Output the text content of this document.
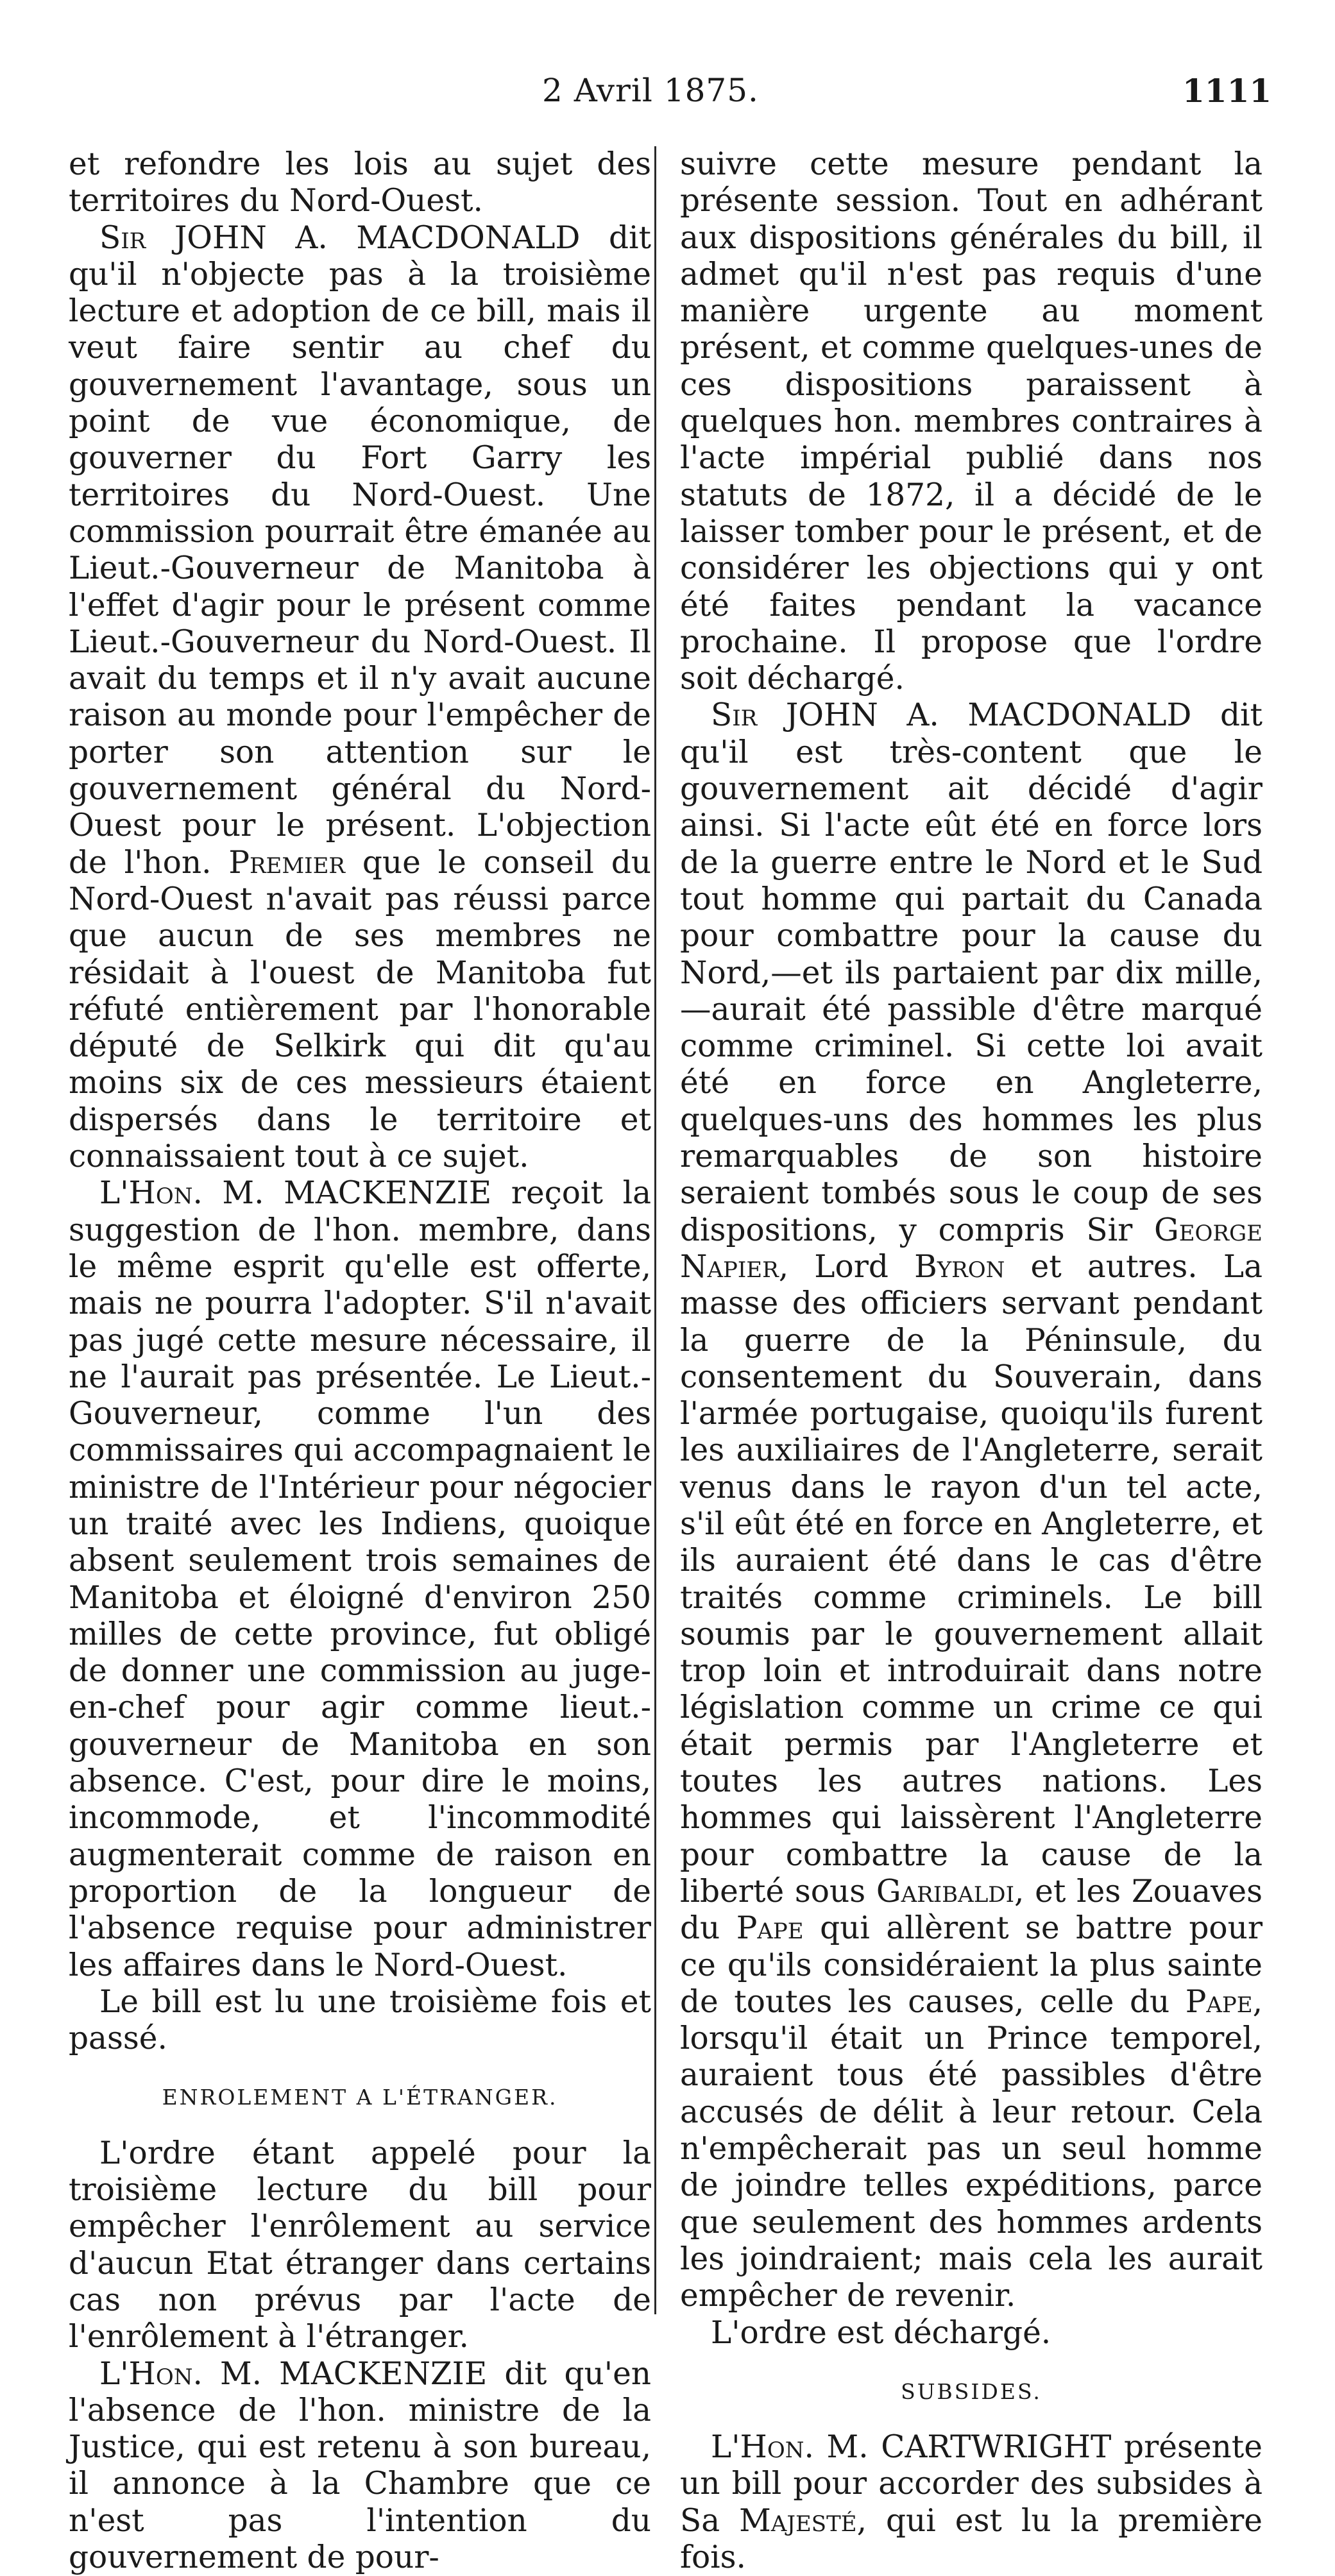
2 Avril 1875.	1111

et refondre les lois au sujet des territoires du Nord-Ouest.

Sir JOHN A. MACDONALD dit qu'il n'objecte pas à la troisième lecture et adoption de ce bill, mais il veut faire sentir au chef du gouvernement l'avantage, sous un point de vue économique, de gouverner du Fort Garry les territoires du Nord-Ouest. Une commission pourrait être émanée au Lieut.-Gouverneur de Manitoba à l'effet d'agir pour le présent comme Lieut.-Gouverneur du Nord-Ouest. Il avait du temps et il n'y avait aucune raison au monde pour l'empêcher de porter son attention sur le gouvernement général du Nord-Ouest pour le présent. L'objection de l'hon. Premier que le conseil du Nord-Ouest n'avait pas réussi parce que aucun de ses membres ne résidait à l'ouest de Manitoba fut réfuté entièrement par l'honorable député de Selkirk qui dit qu'au moins six de ces messieurs étaient dispersés dans le territoire et connaissaient tout à ce sujet.

L'Hon. M. MACKENZIE reçoit la suggestion de l'hon. membre, dans le même esprit qu'elle est offerte, mais ne pourra l'adopter. S'il n'avait pas jugé cette mesure nécessaire, il ne l'aurait pas présentée. Le Lieut.-Gouverneur, comme l'un des commissaires qui accompagnaient le ministre de l'Intérieur pour négocier un traité avec les Indiens, quoique absent seulement trois semaines de Manitoba et éloigné d'environ 250 milles de cette province, fut obligé de donner une commission au juge-en-chef pour agir comme lieut.-gouverneur de Manitoba en son absence. C'est, pour dire le moins, incommode, et l'incommodité augmenterait comme de raison en proportion de la longueur de l'absence requise pour administrer les affaires dans le Nord-Ouest.

Le bill est lu une troisième fois et passé.

ENROLEMENT A L'ÉTRANGER.

L'ordre étant appelé pour la troisième lecture du bill pour empêcher l'enrôlement au service d'aucun Etat étranger dans certains cas non prévus par l'acte de l'enrôlement à l'étranger.

L'Hon. M. MACKENZIE dit qu'en l'absence de l'hon. ministre de la Justice, qui est retenu à son bureau, il annonce à la Chambre que ce n'est pas l'intention du gouvernement de pour-

suivre cette mesure pendant la présente session. Tout en adhérant aux dispositions générales du bill, il admet qu'il n'est pas requis d'une manière urgente au moment présent, et comme quelques-unes de ces dispositions paraissent à quelques hon. membres contraires à l'acte impérial publié dans nos statuts de 1872, il a décidé de le laisser tomber pour le présent, et de considérer les objections qui y ont été faites pendant la vacance prochaine. Il propose que l'ordre soit déchargé.

Sir JOHN A. MACDONALD dit qu'il est très-content que le gouvernement ait décidé d'agir ainsi. Si l'acte eût été en force lors de la guerre entre le Nord et le Sud tout homme qui partait du Canada pour combattre pour la cause du Nord,—et ils partaient par dix mille,—aurait été passible d'être marqué comme criminel. Si cette loi avait été en force en Angleterre, quelques-uns des hommes les plus remarquables de son histoire seraient tombés sous le coup de ses dispositions, y compris Sir George Napier, Lord Byron et autres. La masse des officiers servant pendant la guerre de la Péninsule, du consentement du Souverain, dans l'armée portugaise, quoiqu'ils furent les auxiliaires de l'Angleterre, serait venus dans le rayon d'un tel acte, s'il eût été en force en Angleterre, et ils auraient été dans le cas d'être traités comme criminels. Le bill soumis par le gouvernement allait trop loin et introduirait dans notre législation comme un crime ce qui était permis par l'Angleterre et toutes les autres nations. Les hommes qui laissèrent l'Angleterre pour combattre la cause de la liberté sous Garibaldi, et les Zouaves du Pape qui allèrent se battre pour ce qu'ils considéraient la plus sainte de toutes les causes, celle du Pape, lorsqu'il était un Prince temporel, auraient tous été passibles d'être accusés de délit à leur retour. Cela n'empêcherait pas un seul homme de joindre telles expéditions, parce que seulement des hommes ardents les joindraient; mais cela les aurait empêcher de revenir.

L'ordre est déchargé.

SUBSIDES.

L'Hon. M. CARTWRIGHT présente un bill pour accorder des subsides à Sa Majesté, qui est lu la première fois.
